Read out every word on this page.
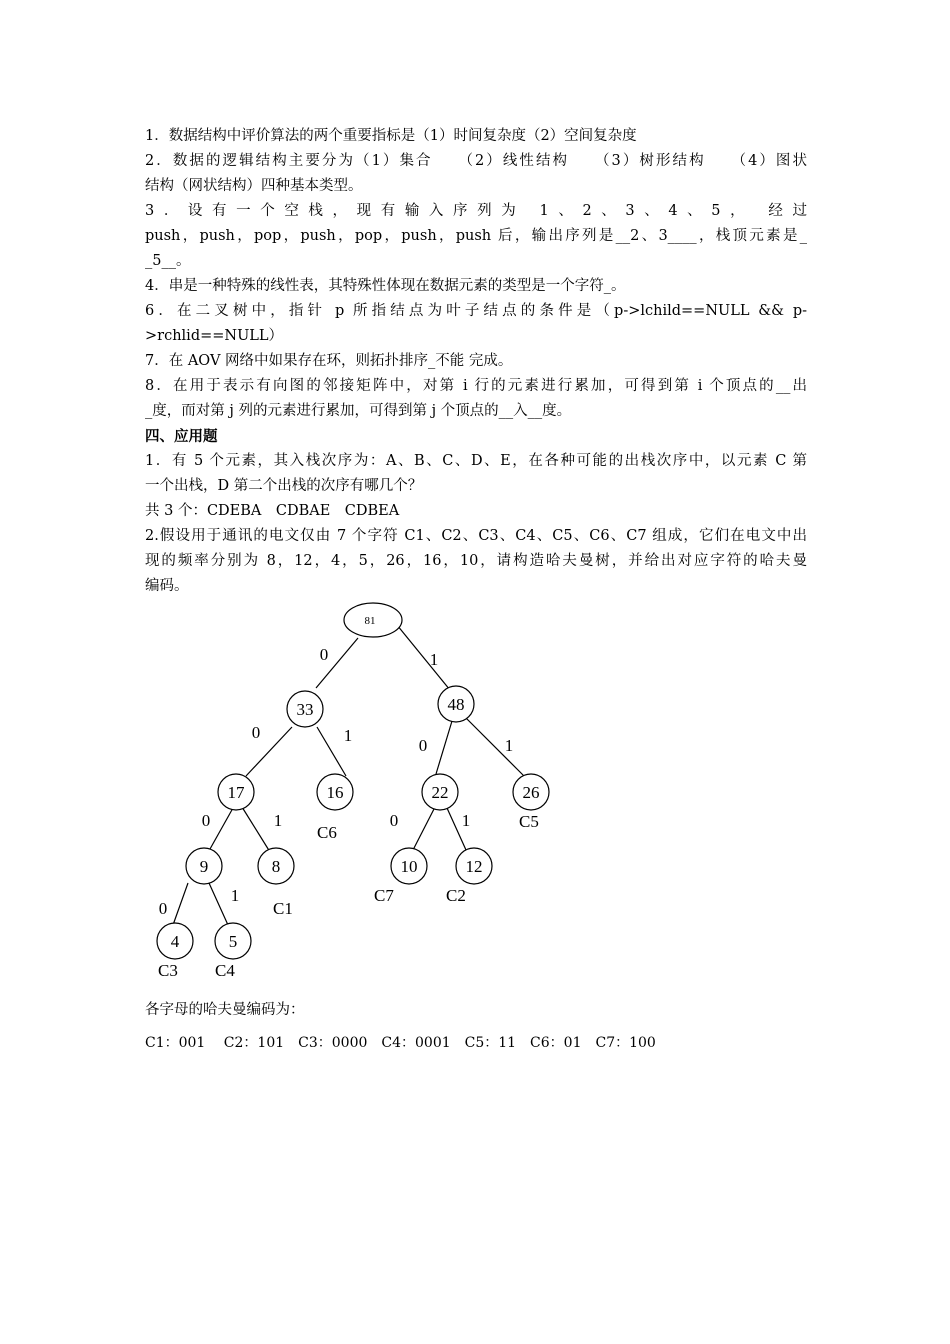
1．数据结构中评价算法的两个重要指标是（1）时间复杂度（2）空间复杂度

2．数据的逻辑结构主要分为（1）集合　　（2）线性结构　　（3）树形结构　　（4）图状

结构（网状结构）四种基本类型。

3．设有一个空栈，现有输入序列为 1、2、3、4、5， 经过

push，push，pop，push，pop，push，push 后，输出序列是__2、3____，栈顶元素是_

_5__。

4．串是一种特殊的线性表，其特殊性体现在数据元素的类型是一个字符_。

6．在二叉树中，指针 p 所指结点为叶子结点的条件是（p->lchild==NULL && p-

>rchlid==NULL）

7．在 AOV 网络中如果存在环，则拓扑排序_不能 完成。

8．在用于表示有向图的邻接矩阵中，对第 i 行的元素进行累加，可得到第 i 个顶点的__出

_度，而对第 j 列的元素进行累加，可得到第 j 个顶点的__入__度。

四、应用题

1．有 5 个元素，其入栈次序为：A、B、C、D、E，在各种可能的出栈次序中，以元素 C 第

一个出栈，D 第二个出栈的次序有哪几个？

共 3 个：CDEBA　CDBAE　CDBEA

2.假设用于通讯的电文仅由 7 个字符 C1、C2、C3、C4、C5、C6、C7 组成，它们在电文中出

现的频率分别为 8，12，4，5，26，16，10，请构造哈夫曼树，并给出对应字符的哈夫曼

编码。

81
33	48
17	16	22	26
9	8	10	12
4	5
0	1
0	1
0	1
0	1	0	1
0
1
C1
C2
C3 C4
C5
C6
C7
各字母的哈夫曼编码为：
C1：001　 C2：101　C3：0000　C4：0001　C5：11　C6：01　C7：100
